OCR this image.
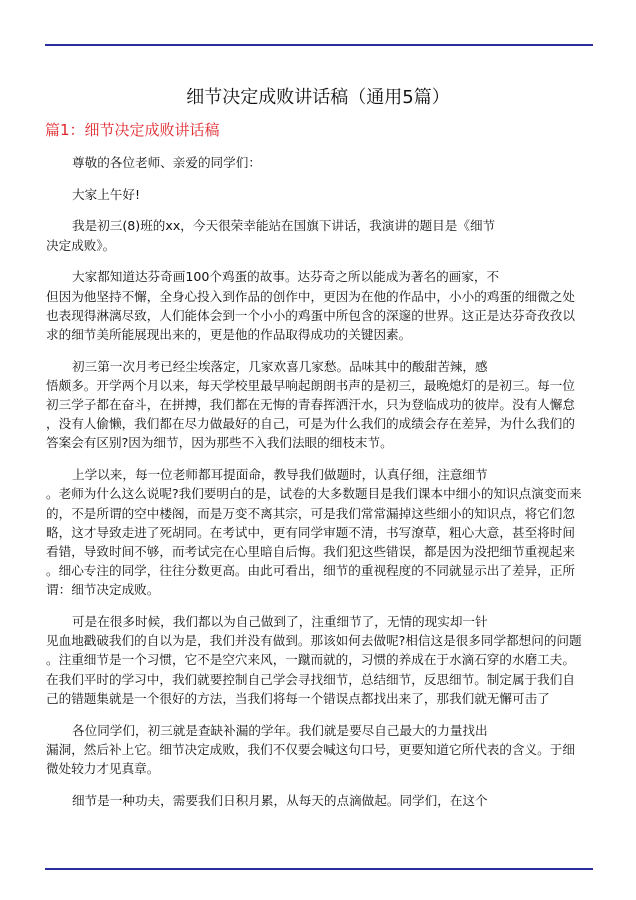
细节决定成败讲话稿（通用5篇）
篇1：细节决定成败讲话稿
尊敬的各位老师、亲爱的同学们：
大家上午好!
我是初三(8)班的xx，今天很荣幸能站在国旗下讲话，我演讲的题目是《细节
决定成败》。
大家都知道达芬奇画100个鸡蛋的故事。达芬奇之所以能成为著名的画家，不
但因为他坚持不懈，全身心投入到作品的创作中，更因为在他的作品中，小小的鸡蛋的细微之处
也表现得淋漓尽致，人们能体会到一个小小的鸡蛋中所包含的深邃的世界。这正是达芬奇孜孜以
求的细节美所能展现出来的，更是他的作品取得成功的关键因素。
初三第一次月考已经尘埃落定，几家欢喜几家愁。品味其中的酸甜苦辣，感
悟颇多。开学两个月以来，每天学校里最早响起朗朗书声的是初三，最晚熄灯的是初三。每一位
初三学子都在奋斗，在拼搏，我们都在无悔的青春挥洒汗水，只为登临成功的彼岸。没有人懈怠
，没有人偷懒，我们都在尽力做最好的自己，可是为什么我们的成绩会存在差异，为什么我们的
答案会有区别?因为细节，因为那些不入我们法眼的细枝末节。
上学以来，每一位老师都耳提面命，教导我们做题时，认真仔细，注意细节
。老师为什么这么说呢?我们要明白的是，试卷的大多数题目是我们课本中细小的知识点演变而来
的，不是所谓的空中楼阁，而是万变不离其宗，可是我们常常漏掉这些细小的知识点，将它们忽
略，这才导致走进了死胡同。在考试中，更有同学审题不清，书写潦草，粗心大意，甚至将时间
看错，导致时间不够，而考试完在心里暗自后悔。我们犯这些错误，都是因为没把细节重视起来
。细心专注的同学，往往分数更高。由此可看出，细节的重视程度的不同就显示出了差异，正所
谓：细节决定成败。
可是在很多时候，我们都以为自己做到了，注重细节了，无情的现实却一针
见血地戳破我们的自以为是，我们并没有做到。那该如何去做呢?相信这是很多同学都想问的问题
。注重细节是一个习惯，它不是空穴来风，一蹴而就的，习惯的养成在于水滴石穿的水磨工夫。
在我们平时的学习中，我们就要控制自己学会寻找细节，总结细节，反思细节。制定属于我们自
己的错题集就是一个很好的方法，当我们将每一个错误点都找出来了，那我们就无懈可击了
各位同学们，初三就是查缺补漏的学年。我们就是要尽自己最大的力量找出
漏洞，然后补上它。细节决定成败，我们不仅要会喊这句口号，更要知道它所代表的含义。于细
微处较力才见真章。
细节是一种功夫，需要我们日积月累，从每天的点滴做起。同学们，在这个
